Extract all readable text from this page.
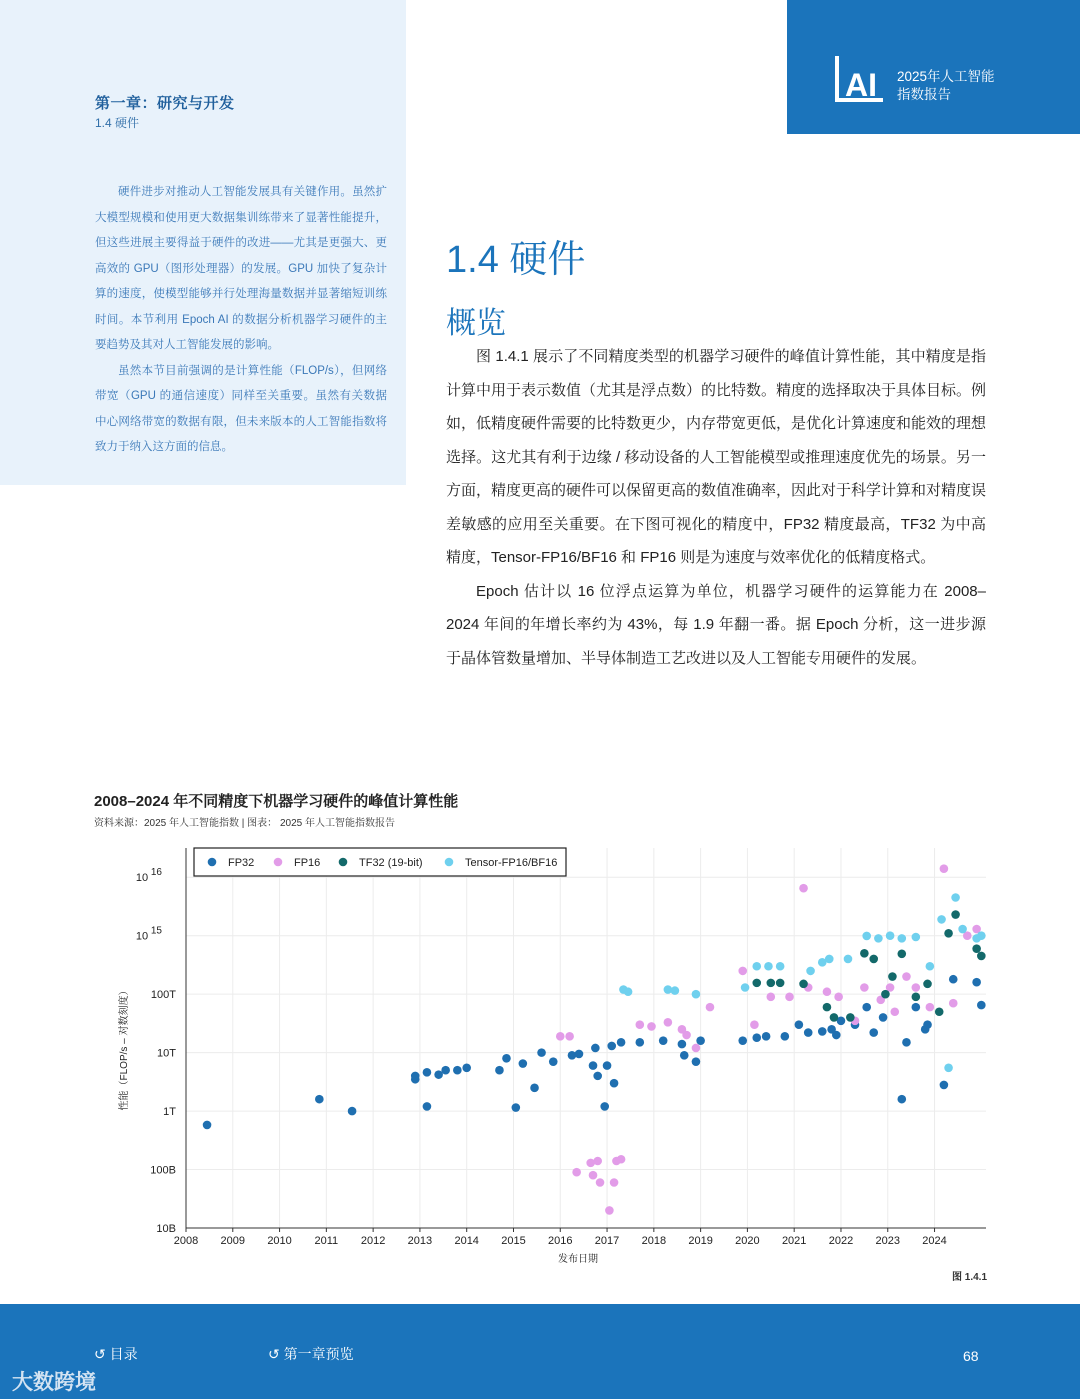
第一章：研究与开发
1.4 硬件

硬件进步对推动人工智能发展具有关键作用。虽然扩大模型规模和使用更大数据集训练带来了显著性能提升，但这些进展主要得益于硬件的改进——尤其是更强大、更高效的 GPU（图形处理器）的发展。GPU 加快了复杂计算的速度，使模型能够并行处理海量数据并显著缩短训练时间。本节利用 Epoch AI 的数据分析机器学习硬件的主要趋势及其对人工智能发展的影响。

虽然本节目前强调的是计算性能（FLOP/s），但网络带宽（GPU 的通信速度）同样至关重要。虽然有关数据中心网络带宽的数据有限，但未来版本的人工智能指数将致力于纳入这方面的信息。

AI 2025年人工智能
指数报告
1.4 硬件
概览

图 1.4.1 展示了不同精度类型的机器学习硬件的峰值计算性能，其中精度是指计算中用于表示数值（尤其是浮点数）的比特数。精度的选择取决于具体目标。例如，低精度硬件需要的比特数更少，内存带宽更低，是优化计算速度和能效的理想选择。这尤其有利于边缘 / 移动设备的人工智能模型或推理速度优先的场景。另一方面，精度更高的硬件可以保留更高的数值准确率，因此对于科学计算和对精度误差敏感的应用至关重要。在下图可视化的精度中，FP32 精度最高，TF32 为中高精度，Tensor-FP16/BF16 和 FP16 则是为速度与效率优化的低精度格式。

Epoch 估计以 16 位浮点运算为单位，机器学习硬件的运算能力在 2008–2024 年间的年增长率约为 43%，每 1.9 年翻一番。据 Epoch 分析，这一进步源于晶体管数量增加、半导体制造工艺改进以及人工智能专用硬件的发展。

2008–2024 年不同精度下机器学习硬件的峰值计算性能
资料来源：2025 年人工智能指数 | 图表： 2025 年人工智能指数报告
2008 2009 2010 2011 2012 2013 2014 2015 2016 2017 2018 2019 2020 2021 2022 2023 2024
10B
100B
1T
10T
100T
10 15
10 16
发布日期
性能（FLOP/s – 对数刻度）
FP32	FP16	TF32 (19-bit)	Tensor-FP16/BF16
图 1.4.1
↺ 目录	↺ 第一章预览	68
大数跨境
